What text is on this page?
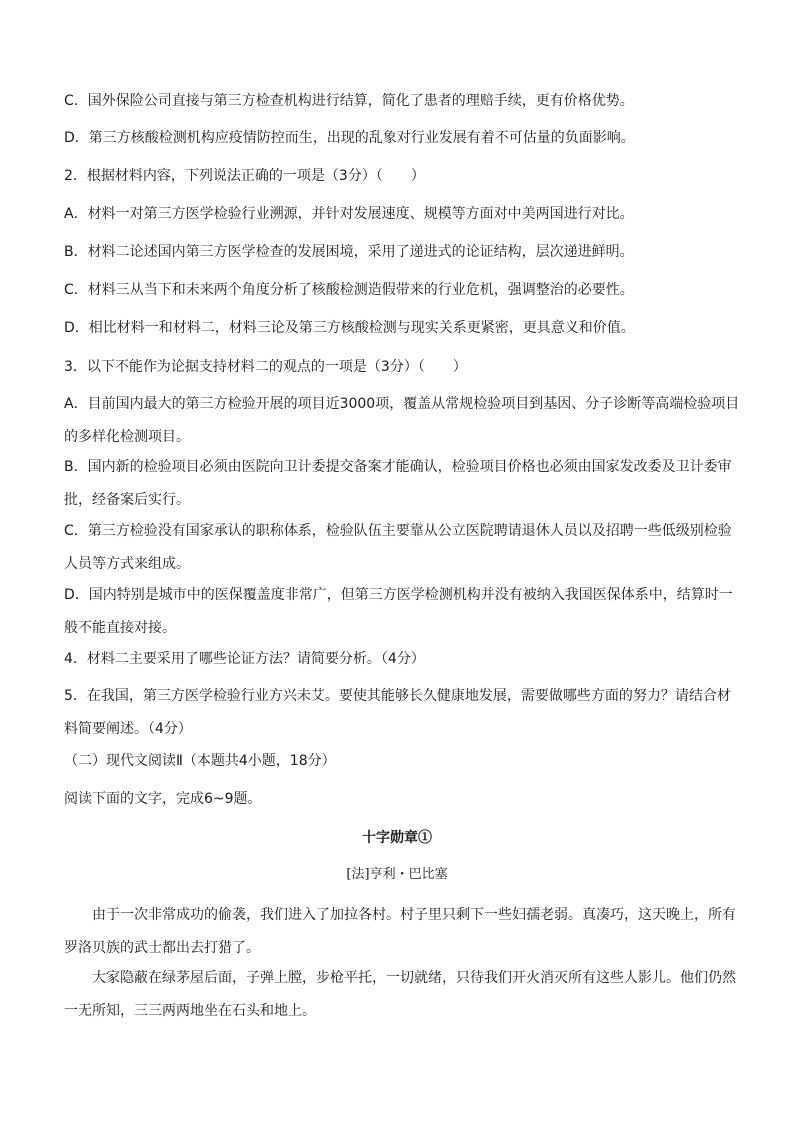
C．国外保险公司直接与第三方检查机构进行结算，简化了患者的理赔手续，更有价格优势。
D．第三方核酸检测机构应疫情防控而生，出现的乱象对行业发展有着不可估量的负面影响。
2．根据材料内容，下列说法正确的一项是（3分）（　　）
A．材料一对第三方医学检验行业溯源，并针对发展速度、规模等方面对中美两国进行对比。
B．材料二论述国内第三方医学检查的发展困境，采用了递进式的论证结构，层次递进鲜明。
C．材料三从当下和未来两个角度分析了核酸检测造假带来的行业危机，强调整治的必要性。
D．相比材料一和材料二，材料三论及第三方核酸检测与现实关系更紧密，更具意义和价值。
3．以下不能作为论据支持材料二的观点的一项是（3分）（　　）
A．目前国内最大的第三方检验开展的项目近3000项，覆盖从常规检验项目到基因、分子诊断等高端检验项目的多样化检测项目。
B．国内新的检验项目必须由医院向卫计委提交备案才能确认，检验项目价格也必须由国家发改委及卫计委审批，经备案后实行。
C．第三方检验没有国家承认的职称体系，检验队伍主要靠从公立医院聘请退休人员以及招聘一些低级别检验人员等方式来组成。
D．国内特别是城市中的医保覆盖度非常广，但第三方医学检测机构并没有被纳入我国医保体系中，结算时一般不能直接对接。
4．材料二主要采用了哪些论证方法？请简要分析。（4分）
5．在我国，第三方医学检验行业方兴未艾。要使其能够长久健康地发展，需要做哪些方面的努力？请结合材料简要阐述。（4分）
（二）现代文阅读Ⅱ（本题共4小题，18分）
阅读下面的文字，完成6~9题。
十字勋章①
[法]亨利・巴比塞
由于一次非常成功的偷袭，我们进入了加拉各村。村子里只剩下一些妇孺老弱。真凑巧，这天晚上，所有罗洛贝族的武士都出去打猎了。
大家隐蔽在绿茅屋后面，子弹上膛，步枪平托，一切就绪，只待我们开火消灭所有这些人影儿。他们仍然一无所知，三三两两地坐在石头和地上。
